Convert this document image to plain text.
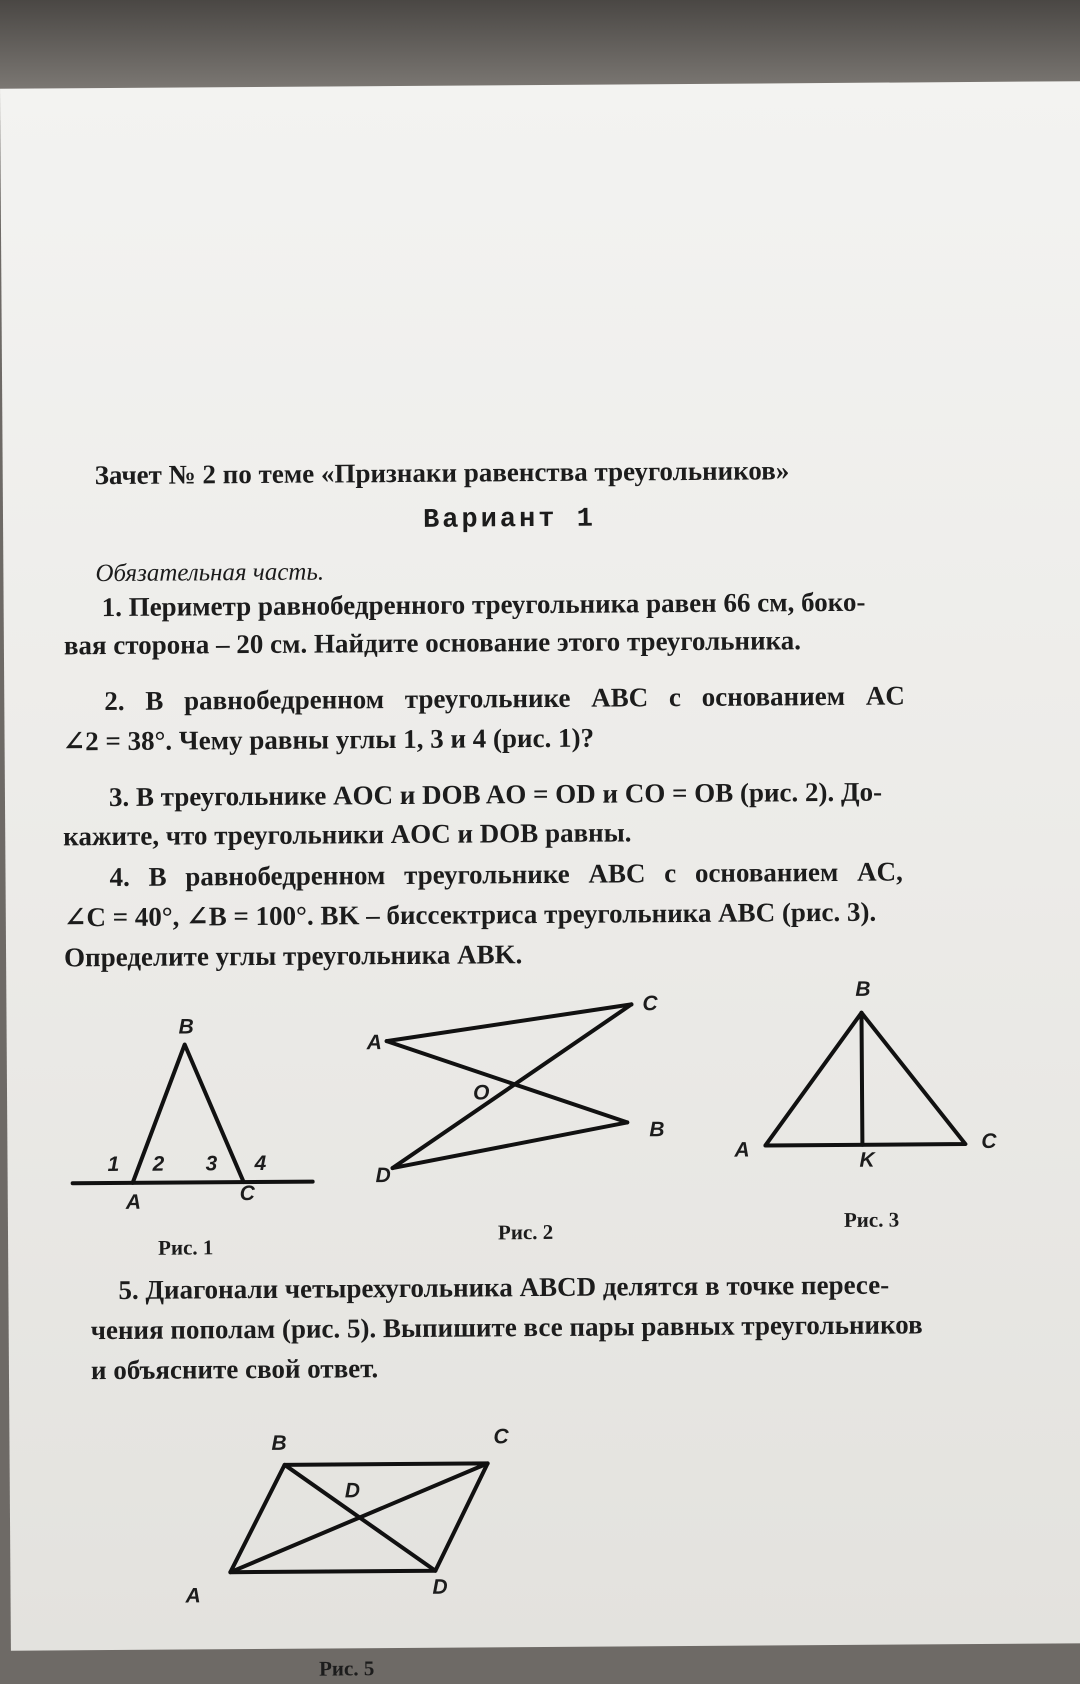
Зачет № 2 по теме «Признаки равенства треугольников»
Вариант 1
Обязательная часть.
1. Периметр равнобедренного треугольника равен 66 см, боко-
вая сторона – 20 см. Найдите основание этого треугольника.
2. В равнобедренном треугольнике ABC с основанием AC
∠2 = 38°. Чему равны углы 1, 3 и 4 (рис. 1)?
3. В треугольнике AOC и DOB AO = OD и CO = OB (рис. 2). До-
кажите, что треугольники AOC и DOB равны.
4. В равнобедренном треугольнике ABC с основанием AC,
∠C = 40°, ∠B = 100°. BK – биссектриса треугольника ABC (рис. 3).
Определите углы треугольника ABK.
B
A	C
1 2 3 4
Рис. 1
A
C
O
B
D
Рис. 2
B
A	C
K
Рис. 3
5. Диагонали четырехугольника ABCD делятся в точке пересе-
чения пополам (рис. 5). Выпишите все пары равных треугольников
и объясните свой ответ.
B	C
D
A	D
Рис. 5
